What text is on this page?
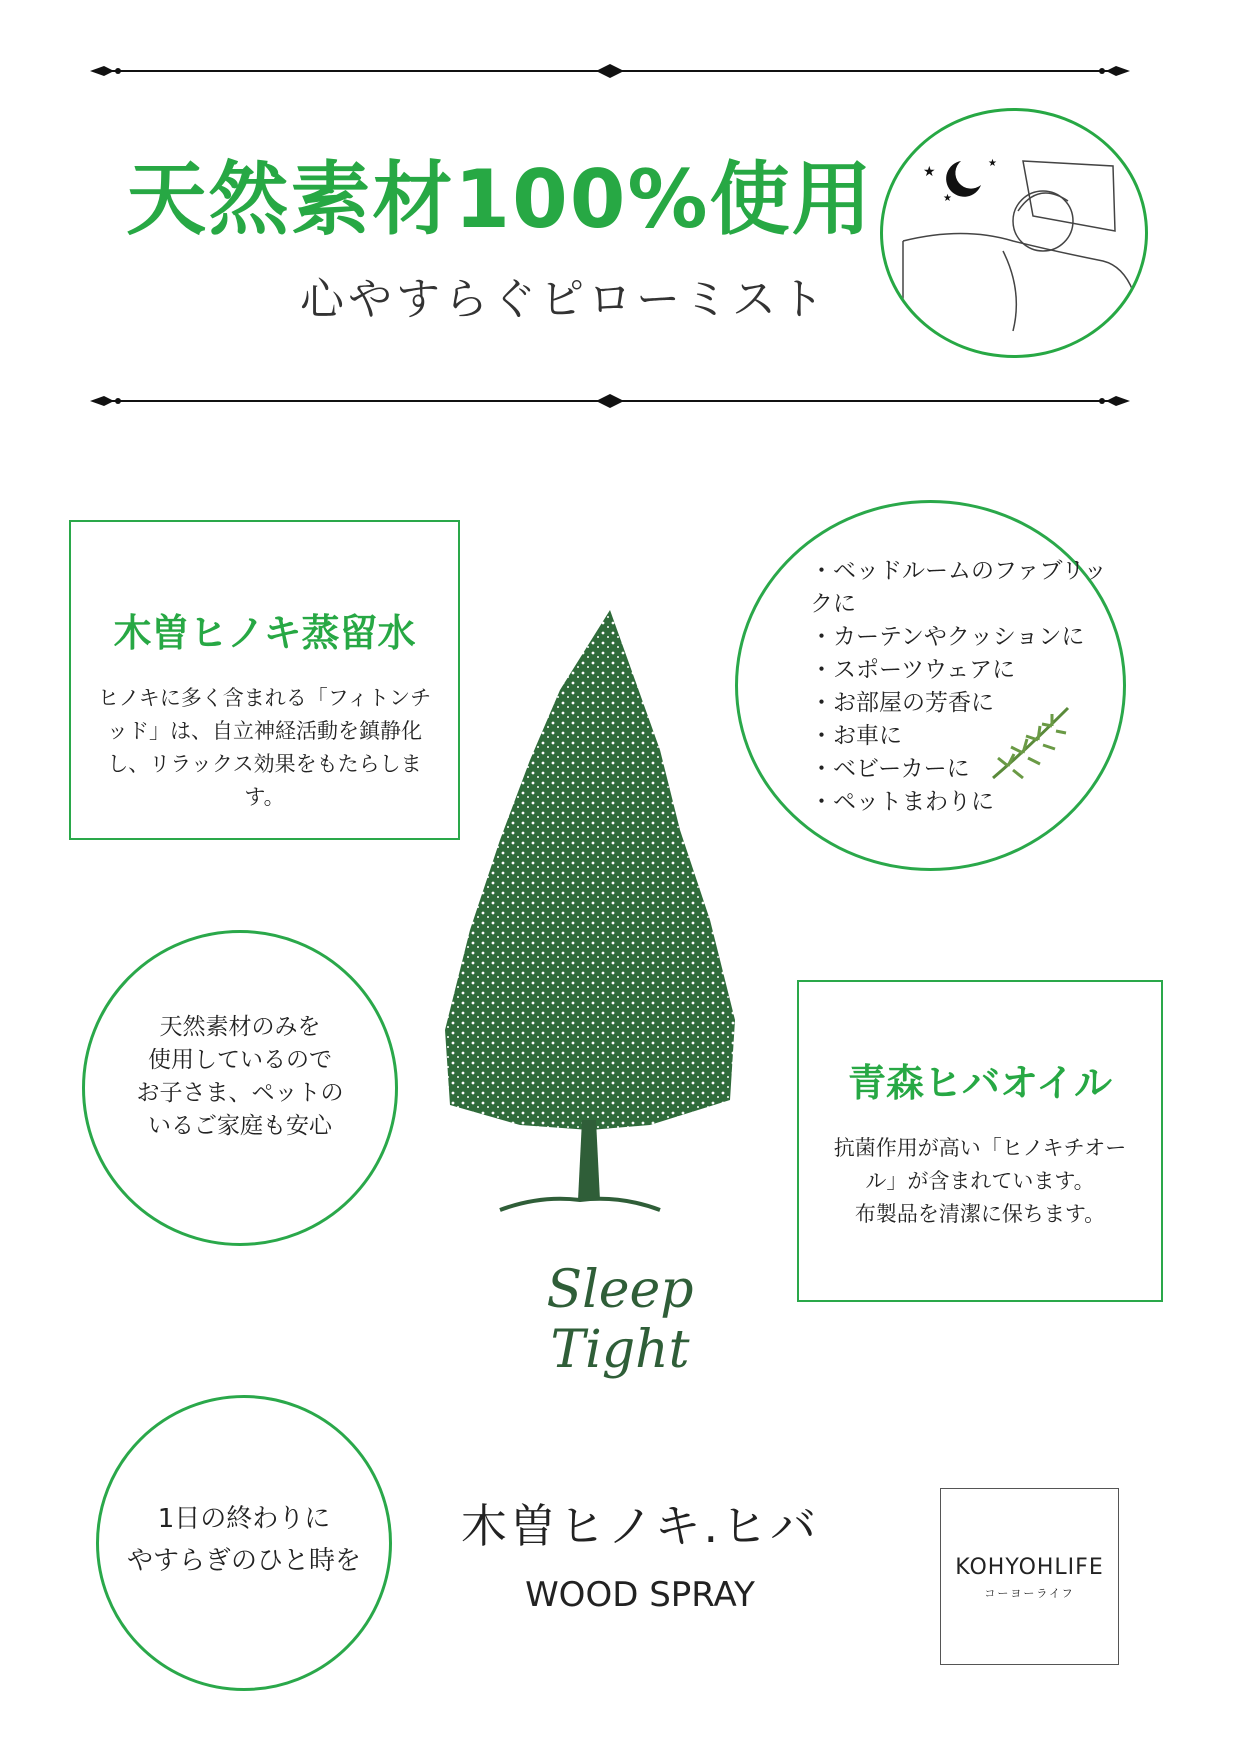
天然素材100%使用
心やすらぐピローミスト
★
★
★
木曽ヒノキ蒸留水
ヒノキに多く含まれる「フィトンチ
ッド」は、自立神経活動を鎮静化
し、リラックス効果をもたらします。
・ベッドルームのファブリックに
・カーテンやクッションに
・スポーツウェアに
・お部屋の芳香に
・お車に
・ベビーカーに
・ペットまわりに
天然素材のみを
使用しているので
お子さま、ペットの
いるご家庭も安心
青森ヒバオイル
抗菌作用が高い「ヒノキチオー
ル」が含まれています。
布製品を清潔に保ちます。
Sleep Tight
1日の終わりに
やすらぎのひと時を
木曽ヒノキ.ヒバ
WOOD SPRAY
KOHYOHLIFE
コーヨーライフ
